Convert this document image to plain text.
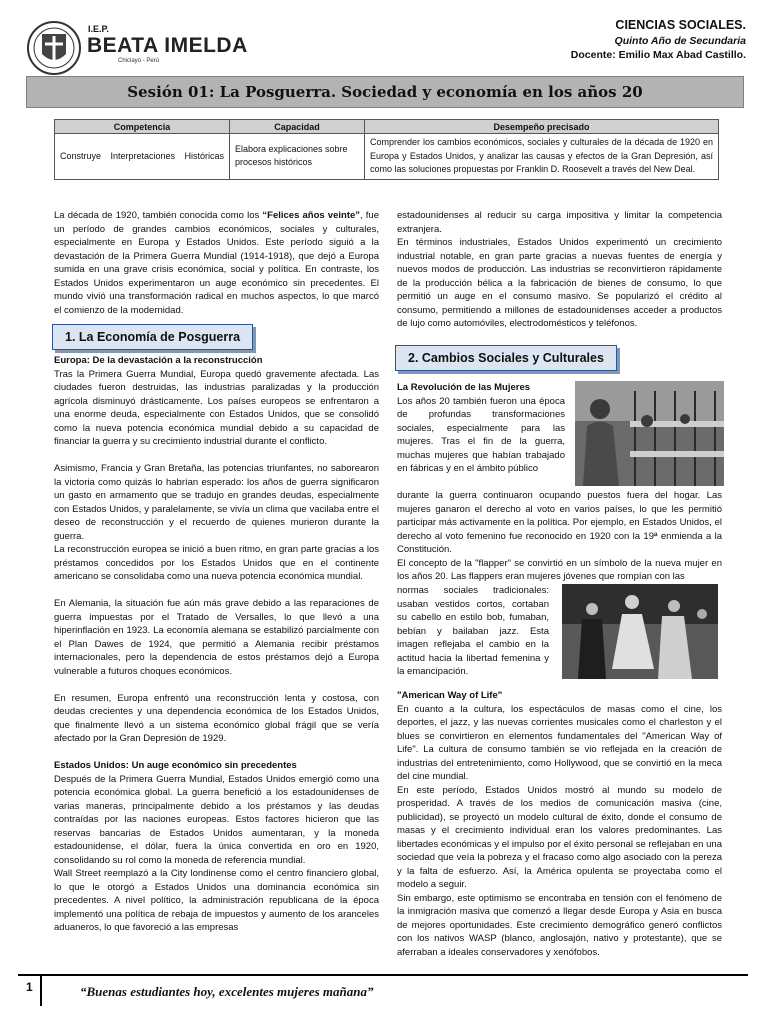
I.E.P.
BEATA IMELDA
Chiclayo - Perú
CIENCIAS SOCIALES.
Quinto Año de Secundaria
Docente: Emilio Max Abad Castillo.
Sesión 01: La Posguerra. Sociedad y economía en los años 20
Competencia	Capacidad	Desempeño precisado
Construye Interpretaciones Históricas	Elabora explicaciones sobre procesos históricos	Comprender los cambios económicos, sociales y culturales de la década de 1920 en Europa y Estados Unidos, y analizar las causas y efectos de la Gran Depresión, así como las soluciones propuestas por Franklin D. Roosevelt a través del New Deal.

La década de 1920, también conocida como los “Felices años veinte”, fue un período de grandes cambios económicos, sociales y culturales, especialmente en Europa y Estados Unidos. Este período siguió a la devastación de la Primera Guerra Mundial (1914-1918), que dejó a Europa sumida en una grave crisis económica, social y política. En contraste, los Estados Unidos experimentaron un auge económico sin precedentes. El mundo vivió una transformación radical en muchos aspectos, lo que marcó el comienzo de la modernidad.

1. La Economía de Posguerra

Europa: De la devastación a la reconstrucción

Tras la Primera Guerra Mundial, Europa quedó gravemente afectada. Las ciudades fueron destruidas, las industrias paralizadas y la producción agrícola disminuyó drásticamente. Los países europeos se enfrentaron a una enorme deuda, especialmente con Estados Unidos, que se consolidó como la nueva potencia económica mundial debido a su capacidad de financiar la guerra y su crecimiento industrial durante el conflicto.

Asimismo, Francia y Gran Bretaña, las potencias triunfantes, no saborearon la victoria como quizás lo habrían esperado: los años de guerra significaron un gasto en armamento que se tradujo en grandes deudas, especialmente con Estados Unidos, y paralelamente, se vivía un clima que vacilaba entre el deseo de reconstrucción y el recuerdo de quienes murieron durante la guerra.

La reconstrucción europea se inició a buen ritmo, en gran parte gracias a los préstamos concedidos por los Estados Unidos que en el continente americano se consolidaba como una nueva potencia económica mundial.

En Alemania, la situación fue aún más grave debido a las reparaciones de guerra impuestas por el Tratado de Versalles, lo que llevó a una hiperinflación en 1923. La economía alemana se estabilizó parcialmente con el Plan Dawes de 1924, que permitió a Alemania recibir préstamos internacionales, pero la dependencia de estos préstamos dejó a Europa vulnerable a futuros choques económicos.

En resumen, Europa enfrentó una reconstrucción lenta y costosa, con deudas crecientes y una dependencia económica de los Estados Unidos, que finalmente llevó a un sistema económico global frágil que se vería afectado por la Gran Depresión de 1929.

Estados Unidos: Un auge económico sin precedentes

Después de la Primera Guerra Mundial, Estados Unidos emergió como una potencia económica global. La guerra benefició a los estadounidenses de varias maneras, principalmente debido a los préstamos y las deudas contraídas por las naciones europeas. Estos factores hicieron que las reservas bancarias de Estados Unidos aumentaran, y la moneda estadounidense, el dólar, fuera la única convertida en oro en 1920, consolidando su rol como la moneda de referencia mundial.

Wall Street reemplazó a la City londinense como el centro financiero global, lo que le otorgó a Estados Unidos una dominancia económica sin precedentes. A nivel político, la administración republicana de la época implementó una política de rebaja de impuestos y aumento de los aranceles aduaneros, lo que favoreció a las empresas

estadounidenses al reducir su carga impositiva y limitar la competencia extranjera.

En términos industriales, Estados Unidos experimentó un crecimiento industrial notable, en gran parte gracias a nuevas fuentes de energía y nuevos modos de producción. Las industrias se reconvirtieron rápidamente de la producción bélica a la fabricación de bienes de consumo, lo que permitió un auge en el consumo masivo. Se popularizó el crédito al consumo, permitiendo a millones de estadounidenses acceder a productos de lujo como automóviles, electrodomésticos y teléfonos.

2. Cambios Sociales y Culturales

La Revolución de las Mujeres

Los años 20 también fueron una época de profundas transformaciones sociales, especialmente para las mujeres. Tras el fin de la guerra, muchas mujeres que habían trabajado en fábricas y en el ámbito público

durante la guerra continuaron ocupando puestos fuera del hogar. Las mujeres ganaron el derecho al voto en varios países, lo que les permitió participar más activamente en la política. Por ejemplo, en Estados Unidos, el derecho al voto femenino fue reconocido en 1920 con la 19ª enmienda a la Constitución.

El concepto de la "flapper" se convirtió en un símbolo de la nueva mujer en los años 20. Las flappers eran mujeres jóvenes que rompían con las

normas sociales tradicionales: usaban vestidos cortos, cortaban su cabello en estilo bob, fumaban, bebían y bailaban jazz. Esta imagen reflejaba el cambio en la actitud hacia la libertad femenina y la emancipación.

"American Way of Life"

En cuanto a la cultura, los espectáculos de masas como el cine, los deportes, el jazz, y las nuevas corrientes musicales como el charleston y el blues se convirtieron en elementos fundamentales del "American Way of Life". La cultura de consumo también se vio reflejada en la creación de industrias del entretenimiento, como Hollywood, que se convirtió en la meca del cine mundial.

En este período, Estados Unidos mostró al mundo su modelo de prosperidad. A través de los medios de comunicación masiva (cine, publicidad), se proyectó un modelo cultural de éxito, donde el consumo de masas y el crecimiento individual eran los valores predominantes. Las libertades económicas y el impulso por el éxito personal se reflejaban en una sociedad que veía la pobreza y el fracaso como algo asociado con la pereza y la falta de esfuerzo. Así, la América opulenta se proyectaba como el modelo a seguir.

Sin embargo, este optimismo se encontraba en tensión con el fenómeno de la inmigración masiva que comenzó a llegar desde Europa y Asia en busca de mejores oportunidades. Este crecimiento demográfico generó conflictos con los nativos WASP (blanco, anglosajón, nativo y protestante), que se aferraban a ideales conservadores y xenófobos.

1	“Buenas estudiantes hoy, excelentes mujeres mañana”
